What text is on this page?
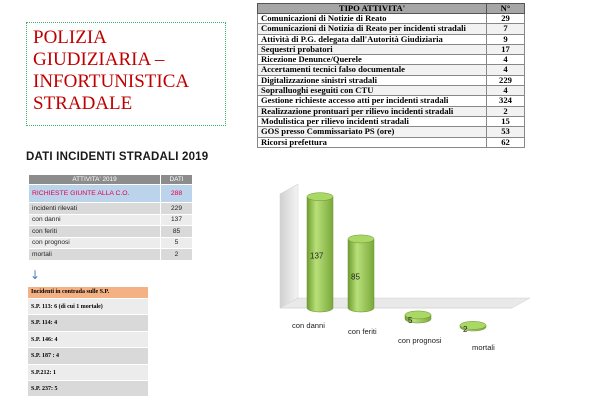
POLIZIA
GIUDIZIARIA –
INFORTUNISTICA
STRADALE
TIPO ATTIVITA'	N°
Comunicazioni di Notizie di Reato	29
Comunicazioni di Notizia di Reato per incidenti stradali	7
Attività di P.G. delegata dall'Autorità Giudiziaria	9
Sequestri probatori	17
Ricezione Denunce/Querele	4
Accertamenti tecnici falso documentale	4
Digitalizzazione sinistri stradali	229
Sopralluoghi eseguiti con CTU	4
Gestione richieste accesso atti per incidenti stradali	324
Realizzazione prontuari per rilievo incidenti stradali	2
Modulistica per rilievo incidenti stradali	15
GOS presso Commissariato PS (ore)	53
Ricorsi prefettura	62
DATI INCIDENTI STRADALI 2019
ATTIVITA' 2019	DATI
RICHIESTE GIUNTE ALLA C.O.	288
incidenti rilevati	229
con danni	137
con feriti	85
con prognosi	5
mortali	2
↓
Incidenti in contrada sulle S.P.
S.P. 113: 6 (di cui 1 mortale)
S.P. 114: 4
S.P. 146: 4
S.P. 187 : 4
S.P.212: 1
S.P. 237: 5
137
con danni
85
con feriti
5
con prognosi
2
mortali
